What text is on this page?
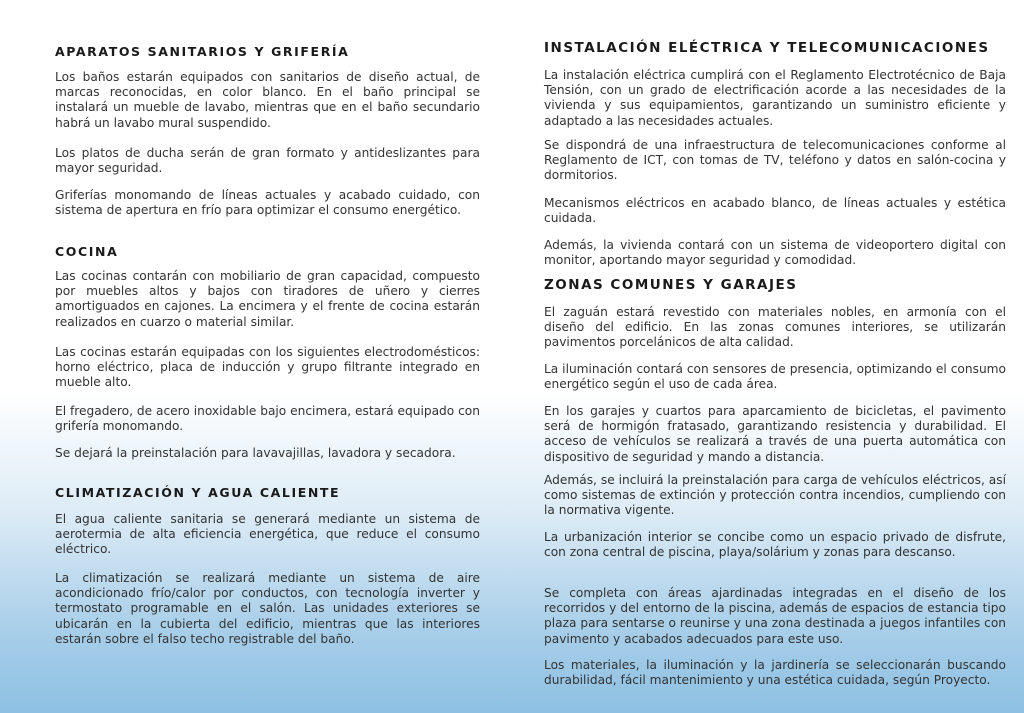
APARATOS SANITARIOS Y GRIFERÍA

Los baños estarán equipados con sanitarios de diseño actual, de marcas reconocidas, en color blanco. En el baño principal se instalará un mueble de lavabo, mientras que en el baño secundario habrá un lavabo mural suspendido.

Los platos de ducha serán de gran formato y antideslizantes para mayor seguridad.

Griferías monomando de líneas actuales y acabado cuidado, con sistema de apertura en frío para optimizar el consumo energético.

COCINA

Las cocinas contarán con mobiliario de gran capacidad, compuesto por muebles altos y bajos con tiradores de uñero y cierres amortiguados en cajones. La encimera y el frente de cocina estarán realizados en cuarzo o material similar.

Las cocinas estarán equipadas con los siguientes electrodomésticos: horno eléctrico, placa de inducción y grupo filtrante integrado en mueble alto.

El fregadero, de acero inoxidable bajo encimera, estará equipado con grifería monomando.

Se dejará la preinstalación para lavavajillas, lavadora y secadora.

CLIMATIZACIÓN Y AGUA CALIENTE

El agua caliente sanitaria se generará mediante un sistema de aerotermia de alta eficiencia energética, que reduce el consumo eléctrico.

La climatización se realizará mediante un sistema de aire acondicionado frío/calor por conductos, con tecnología inverter y termostato programable en el salón. Las unidades exteriores se ubicarán en la cubierta del edificio, mientras que las interiores estarán sobre el falso techo registrable del baño.

INSTALACIÓN ELÉCTRICA Y TELECOMUNICACIONES

La instalación eléctrica cumplirá con el Reglamento Electrotécnico de Baja Tensión, con un grado de electrificación acorde a las necesidades de la vivienda y sus equipamientos, garantizando un suministro eficiente y adaptado a las necesidades actuales.

Se dispondrá de una infraestructura de telecomunicaciones conforme al Reglamento de ICT, con tomas de TV, teléfono y datos en salón-cocina y dormitorios.

Mecanismos eléctricos en acabado blanco, de líneas actuales y estética cuidada.

Además, la vivienda contará con un sistema de videoportero digital con monitor, aportando mayor seguridad y comodidad.

ZONAS COMUNES Y GARAJES

El zaguán estará revestido con materiales nobles, en armonía con el diseño del edificio. En las zonas comunes interiores, se utilizarán pavimentos porcelánicos de alta calidad.

La iluminación contará con sensores de presencia, optimizando el consumo energético según el uso de cada área.

En los garajes y cuartos para aparcamiento de bicicletas, el pavimento será de hormigón fratasado, garantizando resistencia y durabilidad. El acceso de vehículos se realizará a través de una puerta automática con dispositivo de seguridad y mando a distancia.

Además, se incluirá la preinstalación para carga de vehículos eléctricos, así como sistemas de extinción y protección contra incendios, cumpliendo con la normativa vigente.

La urbanización interior se concibe como un espacio privado de disfrute, con zona central de piscina, playa/solárium y zonas para descanso.

Se completa con áreas ajardinadas integradas en el diseño de los recorridos y del entorno de la piscina, además de espacios de estancia tipo plaza para sentarse o reunirse y una zona destinada a juegos infantiles con pavimento y acabados adecuados para este uso.

Los materiales, la iluminación y la jardinería se seleccionarán buscando durabilidad, fácil mantenimiento y una estética cuidada, según Proyecto.
